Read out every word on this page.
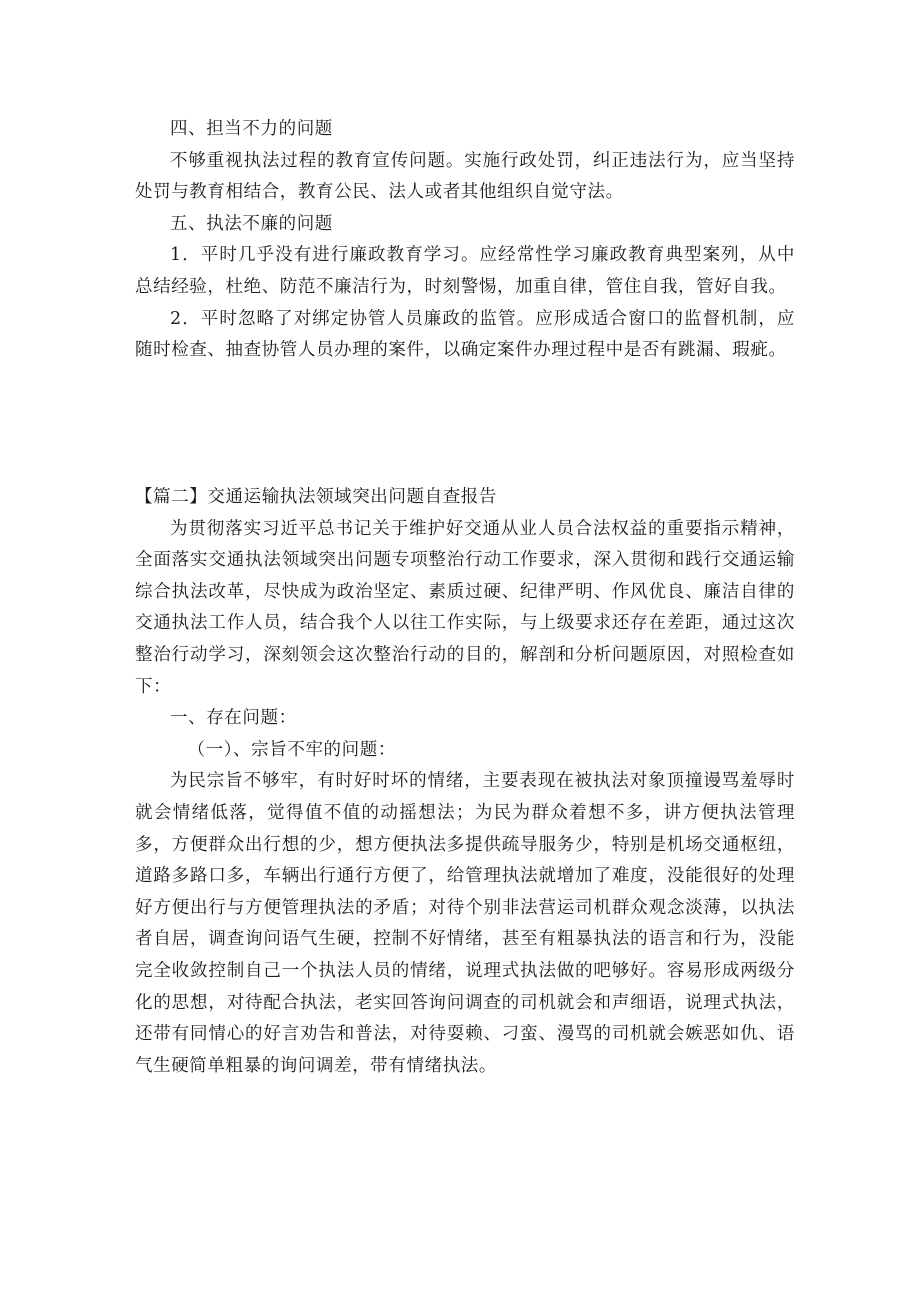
四、担当不力的问题

不够重视执法过程的教育宣传问题。实施行政处罚，纠正违法行为，应当坚持处罚与教育相结合，教育公民、法人或者其他组织自觉守法。

五、执法不廉的问题

1．平时几乎没有进行廉政教育学习。应经常性学习廉政教育典型案列，从中总结经验，杜绝、防范不廉洁行为，时刻警惕，加重自律，管住自我，管好自我。

2．平时忽略了对绑定协管人员廉政的监管。应形成适合窗口的监督机制，应随时检查、抽查协管人员办理的案件，以确定案件办理过程中是否有跳漏、瑕疵。

【篇二】交通运输执法领域突出问题自查报告

为贯彻落实习近平总书记关于维护好交通从业人员合法权益的重要指示精神，全面落实交通执法领域突出问题专项整治行动工作要求，深入贯彻和践行交通运输综合执法改革，尽快成为政治坚定、素质过硬、纪律严明、作风优良、廉洁自律的交通执法工作人员，结合我个人以往工作实际，与上级要求还存在差距，通过这次整治行动学习，深刻领会这次整治行动的目的，解剖和分析问题原因，对照检查如下：

一、存在问题：

（一）、宗旨不牢的问题：

为民宗旨不够牢，有时好时坏的情绪，主要表现在被执法对象顶撞谩骂羞辱时就会情绪低落，觉得值不值的动摇想法；为民为群众着想不多，讲方便执法管理多，方便群众出行想的少，想方便执法多提供疏导服务少，特别是机场交通枢纽，道路多路口多，车辆出行通行方便了，给管理执法就增加了难度，没能很好的处理好方便出行与方便管理执法的矛盾；对待个别非法营运司机群众观念淡薄，以执法者自居，调查询问语气生硬，控制不好情绪，甚至有粗暴执法的语言和行为，没能完全收敛控制自己一个执法人员的情绪，说理式执法做的吧够好。容易形成两级分化的思想，对待配合执法，老实回答询问调查的司机就会和声细语，说理式执法，还带有同情心的好言劝告和普法，对待耍赖、刁蛮、漫骂的司机就会嫉恶如仇、语气生硬简单粗暴的询问调差，带有情绪执法。
